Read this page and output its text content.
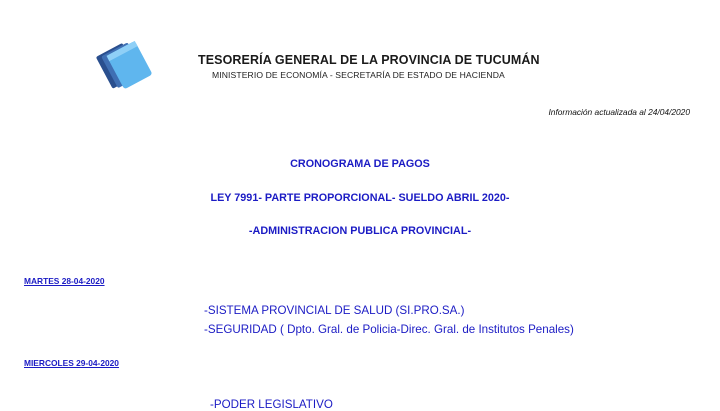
TESORERÍA GENERAL DE LA PROVINCIA DE TUCUMÁN
MINISTERIO DE ECONOMÍA - SECRETARÍA DE ESTADO DE HACIENDA
Información actualizada al 24/04/2020
CRONOGRAMA DE PAGOS
LEY 7991- PARTE PROPORCIONAL- SUELDO ABRIL 2020-
-ADMINISTRACION PUBLICA PROVINCIAL-
MARTES 28-04-2020
-SISTEMA PROVINCIAL DE SALUD (SI.PRO.SA.)
-SEGURIDAD ( Dpto. Gral. de Policia-Direc. Gral. de Institutos Penales)
MIERCOLES 29-04-2020
-PODER LEGISLATIVO
